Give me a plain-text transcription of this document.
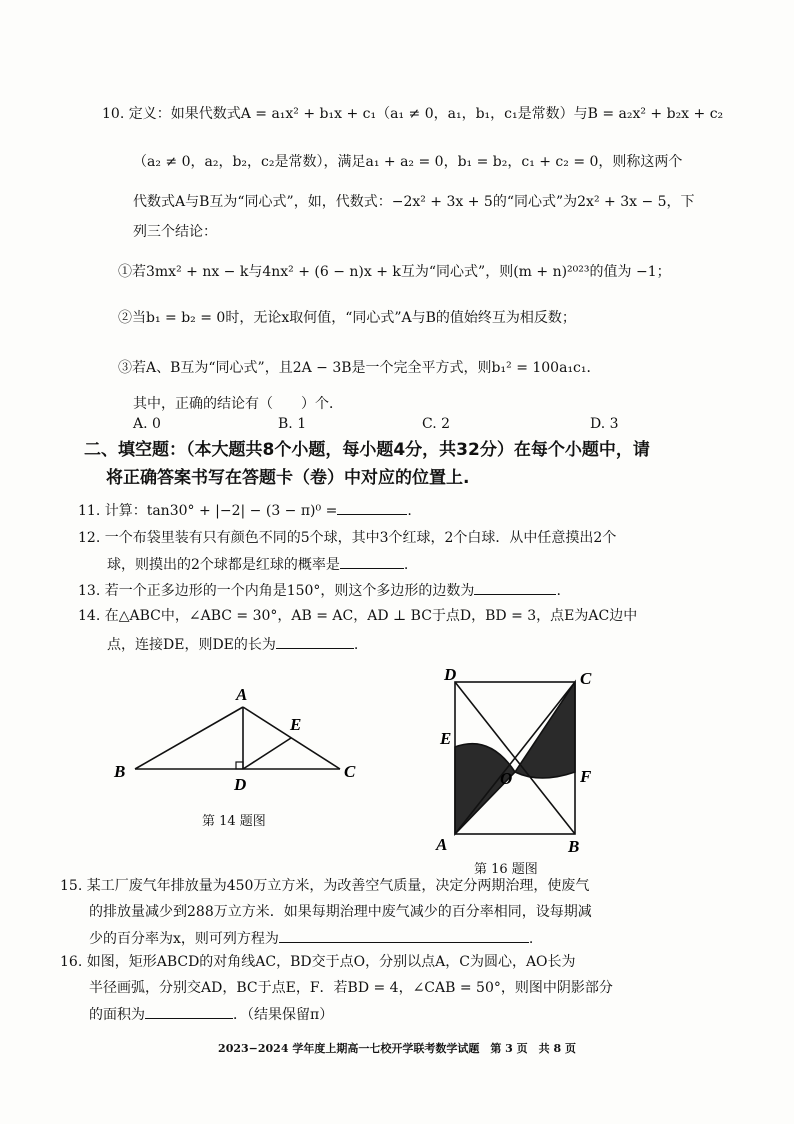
10. 定义：如果代数式A = a₁x² + b₁x + c₁（a₁ ≠ 0，a₁，b₁，c₁是常数）与B = a₂x² + b₂x + c₂
（a₂ ≠ 0，a₂，b₂，c₂是常数），满足a₁ + a₂ = 0，b₁ = b₂，c₁ + c₂ = 0，则称这两个
代数式A与B互为“同心式”，如，代数式：−2x² + 3x + 5的“同心式”为2x² + 3x − 5，下
列三个结论：
①若3mx² + nx − k与4nx² + (6 − n)x + k互为“同心式”，则(m + n)²⁰²³的值为 −1；
②当b₁ = b₂ = 0时，无论x取何值，“同心式”A与B的值始终互为相反数；
③若A、B互为“同心式”，且2A − 3B是一个完全平方式，则b₁² = 100a₁c₁．
其中，正确的结论有（　　）个．
A. 0	B. 1	C. 2	D. 3
二、填空题：（本大题共8个小题，每小题4分，共32分）在每个小题中，请
将正确答案书写在答题卡（卷）中对应的位置上.
11. 计算：tan30° + |−2| − (3 − π)⁰ =	.
12. 一个布袋里装有只有颜色不同的5个球，其中3个红球，2个白球．从中任意摸出2个
球，则摸出的2个球都是红球的概率是	.
13. 若一个正多边形的一个内角是150°，则这个多边形的边数为	.
14. 在△ABC中，∠ABC = 30°，AB = AC，AD ⊥ BC于点D，BD = 3，点E为AC边中
点，连接DE，则DE的长为	.
A
B	C
D
E
第 14 题图
D	C
E
O	F
A	B
第 16 题图
15. 某工厂废气年排放量为450万立方米，为改善空气质量，决定分两期治理，使废气
的排放量减少到288万立方米．如果每期治理中废气减少的百分率相同，设每期减
少的百分率为x，则可列方程为	.
16. 如图，矩形ABCD的对角线AC，BD交于点O，分别以点A，C为圆心，AO长为
半径画弧，分别交AD，BC于点E，F．若BD = 4，∠CAB = 50°，则图中阴影部分
的面积为	．（结果保留π）
2023−2024 学年度上期高一七校开学联考数学试题　第 3 页　共 8 页
